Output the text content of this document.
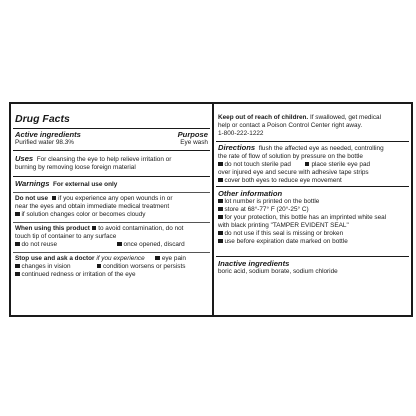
Drug Facts
Active ingredients	Purpose
Purified water 98.3%	Eye wash
Uses For cleansing the eye to help relieve irritation or
burning by removing loose foreign material
Warnings For external use only
Do not use if you experience any open wounds in or
near the eyes and obtain immediate medical treatment
if solution changes color or becomes cloudy
When using this product to avoid contamination, do not
touch tip of container to any surface
do not reuse	once opened, discard
Stop use and ask a doctor if you experience	eye pain
changes in vision	condition worsens or persists
continued redness or irritation of the eye
Keep out of reach of children. If swallowed, get medical
help or contact a Poison Control Center right away.
1-800-222-1222
Directions flush the affected eye as needed, controlling
the rate of flow of solution by pressure on the bottle
do not touch sterile pad	place sterile eye pad
over injured eye and secure with adhesive tape strips
cover both eyes to reduce eye movement
Other information
lot number is printed on the bottle
store at 68°-77° F (20°-25° C)
for your protection, this bottle has an imprinted white seal
with black printing "TAMPER EVIDENT SEAL"
do not use if this seal is missing or broken
use before expiration date marked on bottle
Inactive ingredients
boric acid, sodium borate, sodium chloride
